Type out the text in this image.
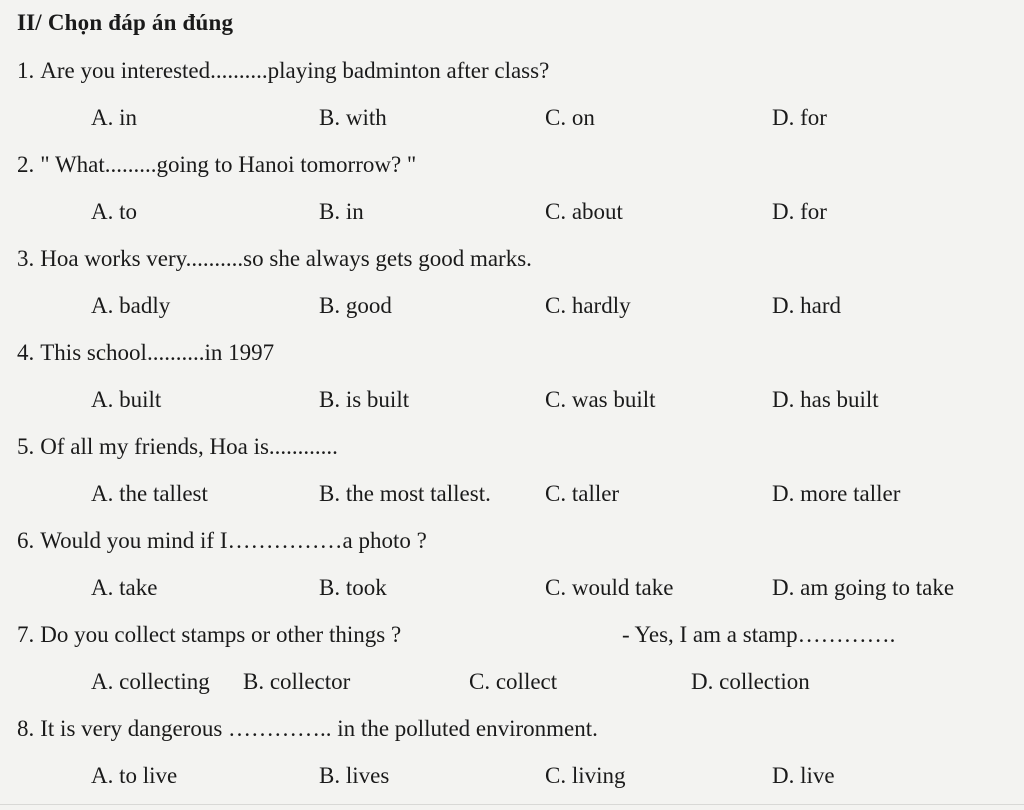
II/ Chọn đáp án đúng
1. Are you interested..........playing badminton after class?
A. in	B. with	C. on	D. for
2. " What.........going to Hanoi tomorrow? "
A. to	B. in	C. about	D. for
3. Hoa works very..........so she always gets good marks.
A. badly	B. good	C. hardly	D. hard
4. This school..........in 1997
A. built	B. is built	C. was built	D. has built
5. Of all my friends, Hoa is............
A. the tallest	B. the most tallest. C. taller	D. more taller
6. Would you mind if I……………a photo ?
A. take	B. took	C. would take	D. am going to take
7. Do you collect stamps or other things ?	- Yes, I am a stamp………….
A. collecting B. collector	C. collect	D. collection
8. It is very dangerous ………….. in the polluted environment.
A. to live	B. lives	C. living	D. live
